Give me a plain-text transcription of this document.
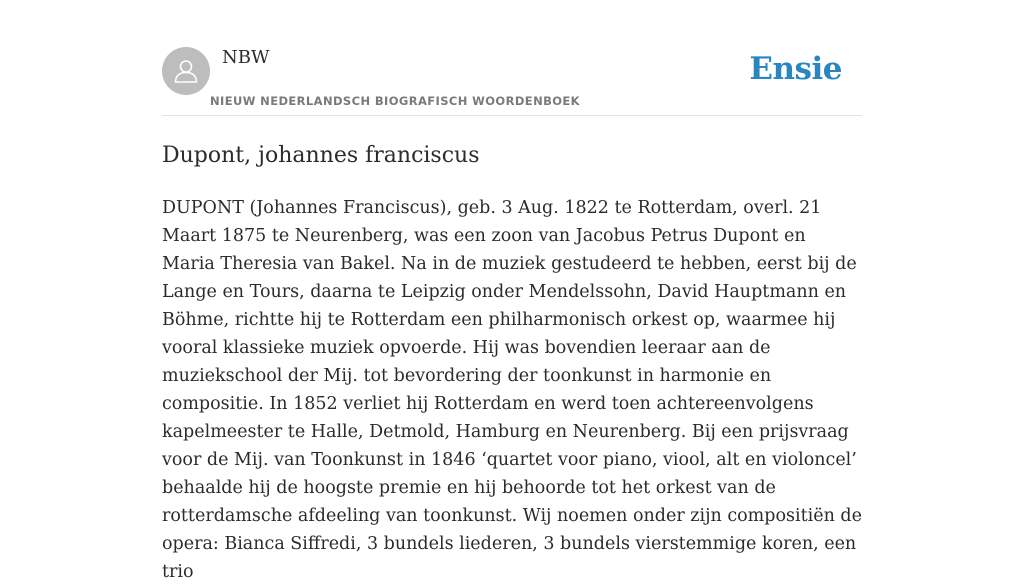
NBW
NIEUW NEDERLANDSCH BIOGRAFISCH WOORDENBOEK
Ensie
Dupont, johannes franciscus

DUPONT (Johannes Franciscus), geb. 3 Aug. 1822 te Rotterdam, overl. 21 Maart 1875 te Neurenberg, was een zoon van Jacobus Petrus Dupont en Maria Theresia van Bakel. Na in de muziek gestudeerd te hebben, eerst bij de Lange en Tours, daarna te Leipzig onder Mendelssohn, David Hauptmann en Böhme, richtte hij te Rotterdam een philharmonisch orkest op, waarmee hij vooral klassieke muziek opvoerde. Hij was bovendien leeraar aan de muziekschool der Mij. tot bevordering der toonkunst in harmonie en compositie. In 1852 verliet hij Rotterdam en werd toen achtereenvolgens kapelmeester te Halle, Detmold, Hamburg en Neurenberg. Bij een prijsvraag voor de Mij. van Toonkunst in 1846 ‘quartet voor piano, viool, alt en violoncel’ behaalde hij de hoogste premie en hij behoorde tot het orkest van de rotterdamsche afdeeling van toonkunst. Wij noemen onder zijn compositiën de opera: Bianca Siffredi, 3 bundels liederen, 3 bundels vierstemmige koren, een trio
